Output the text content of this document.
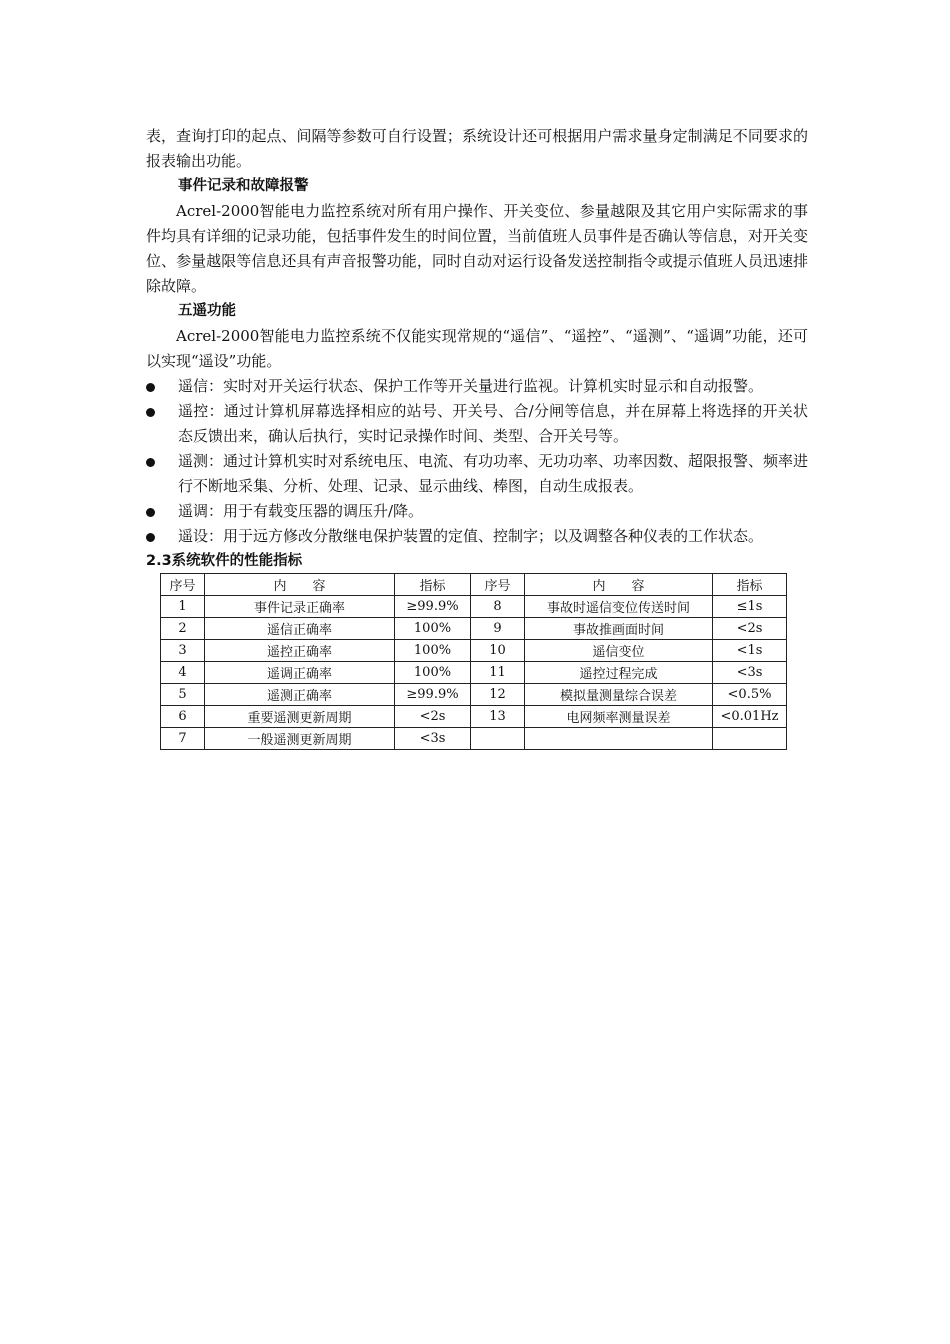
表，查询打印的起点、间隔等参数可自行设置；系统设计还可根据用户需求量身定制满足不同要求的报表输出功能。

事件记录和故障报警

Acrel-2000智能电力监控系统对所有用户操作、开关变位、参量越限及其它用户实际需求的事件均具有详细的记录功能，包括事件发生的时间位置，当前值班人员事件是否确认等信息，对开关变位、参量越限等信息还具有声音报警功能，同时自动对运行设备发送控制指令或提示值班人员迅速排除故障。

五遥功能

Acrel-2000智能电力监控系统不仅能实现常规的“遥信”、“遥控”、“遥测”、“遥调”功能，还可以实现“遥设”功能。

遥信：实时对开关运行状态、保护工作等开关量进行监视。计算机实时显示和自动报警。
遥控：通过计算机屏幕选择相应的站号、开关号、合/分闸等信息，并在屏幕上将选择的开关状态反馈出来，确认后执行，实时记录操作时间、类型、合开关号等。
遥测：通过计算机实时对系统电压、电流、有功功率、无功功率、功率因数、超限报警、频率进行不断地采集、分析、处理、记录、显示曲线、棒图，自动生成报表。
遥调：用于有载变压器的调压升/降。
遥设：用于远方修改分散继电保护装置的定值、控制字；以及调整各种仪表的工作状态。

2.3系统软件的性能指标

序号	内　　容	指标	序号	内　　容	指标
1	事件记录正确率	≥99.9%	8	事故时遥信变位传送时间	≤1s
2	遥信正确率	100%	9	事故推画面时间	<2s
3	遥控正确率	100%	10	遥信变位	<1s
4	遥调正确率	100%	11	遥控过程完成	<3s
5	遥测正确率	≥99.9%	12	模拟量测量综合误差	<0.5%
6	重要遥测更新周期	<2s	13	电网频率测量误差	<0.01Hz
7	一般遥测更新周期	<3s			
